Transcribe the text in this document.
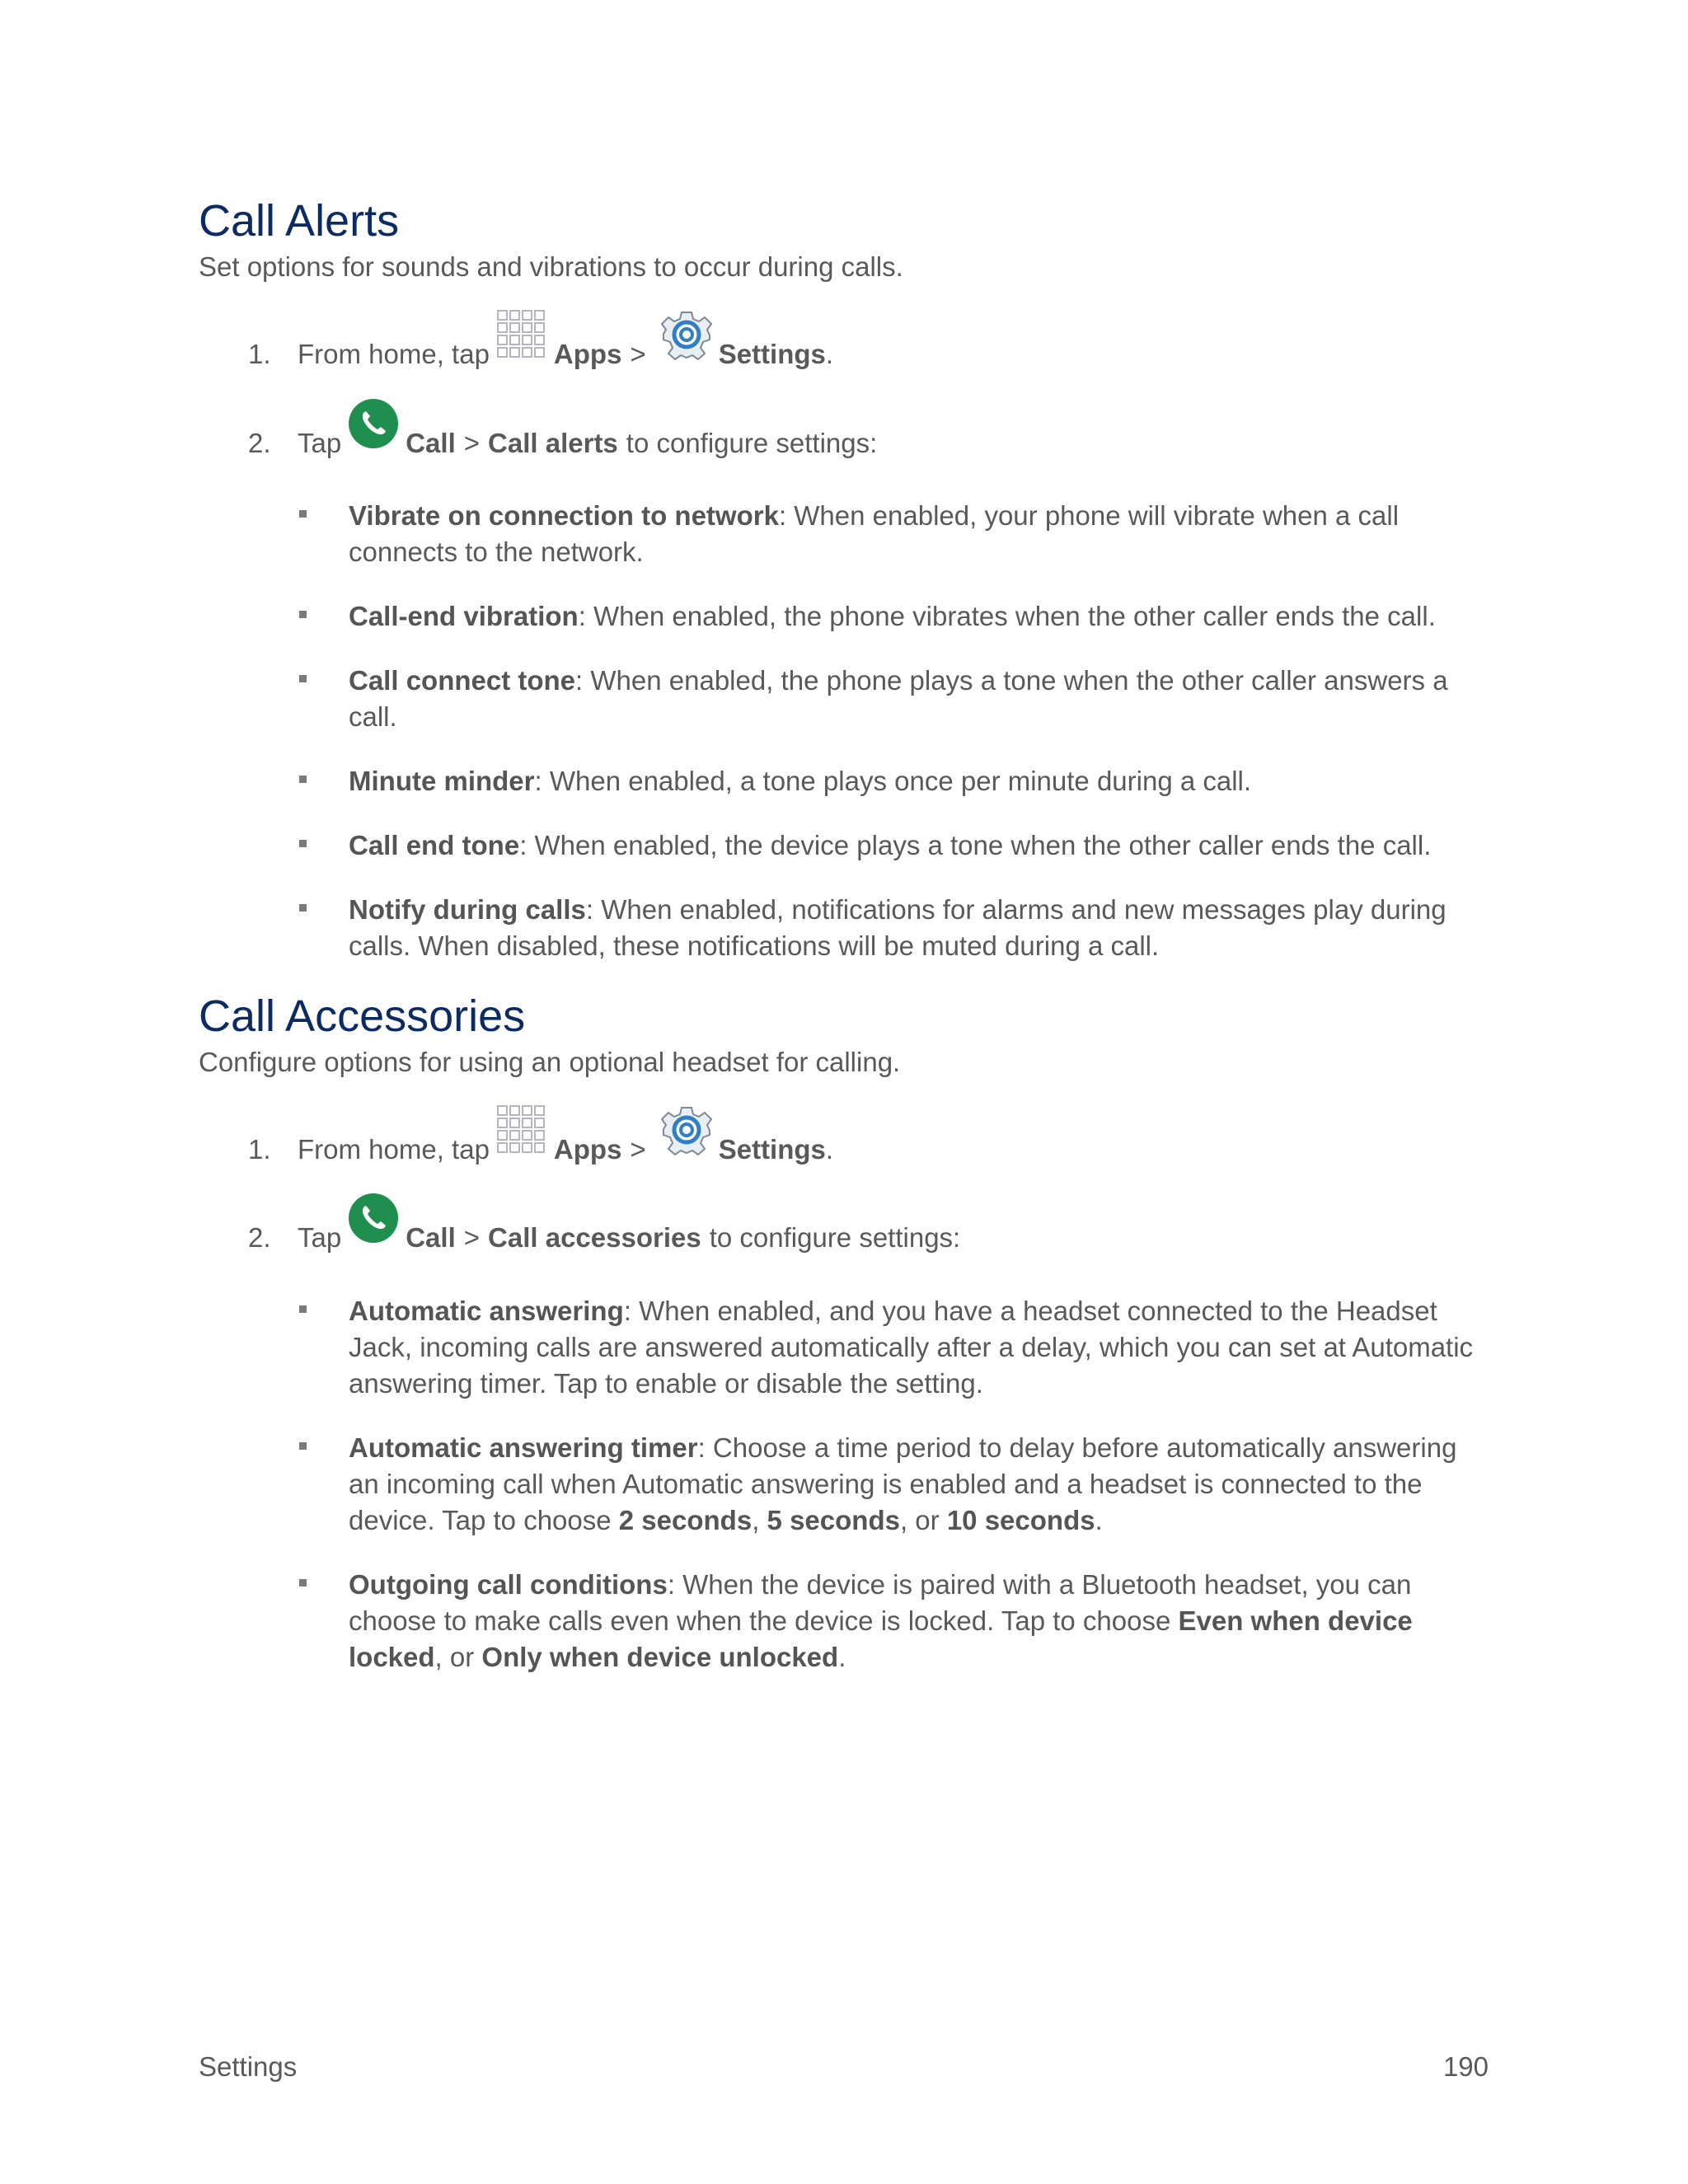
Call Alerts

Set options for sounds and vibrations to occur during calls.

1. From home, tap Apps >	Settings .
2. Tap Call > Call alerts to configure settings:
Vibrate on connection to network: When enabled, your phone will vibrate when a call connects to the network.
Call-end vibration: When enabled, the phone vibrates when the other caller ends the call.
Call connect tone: When enabled, the phone plays a tone when the other caller answers a call.
Minute minder: When enabled, a tone plays once per minute during a call.
Call end tone: When enabled, the device plays a tone when the other caller ends the call.
Notify during calls: When enabled, notifications for alarms and new messages play during calls. When disabled, these notifications will be muted during a call.
Call Accessories

Configure options for using an optional headset for calling.

1. From home, tap Apps >	Settings .
2. Tap Call > Call accessories to configure settings:
Automatic answering: When enabled, and you have a headset connected to the Headset Jack, incoming calls are answered automatically after a delay, which you can set at Automatic answering timer. Tap to enable or disable the setting.
Automatic answering timer: Choose a time period to delay before automatically answering an incoming call when Automatic answering is enabled and a headset is connected to the device. Tap to choose 2 seconds, 5 seconds, or 10 seconds.
Outgoing call conditions: When the device is paired with a Bluetooth headset, you can choose to make calls even when the device is locked. Tap to choose Even when device locked, or Only when device unlocked.
Settings	190
